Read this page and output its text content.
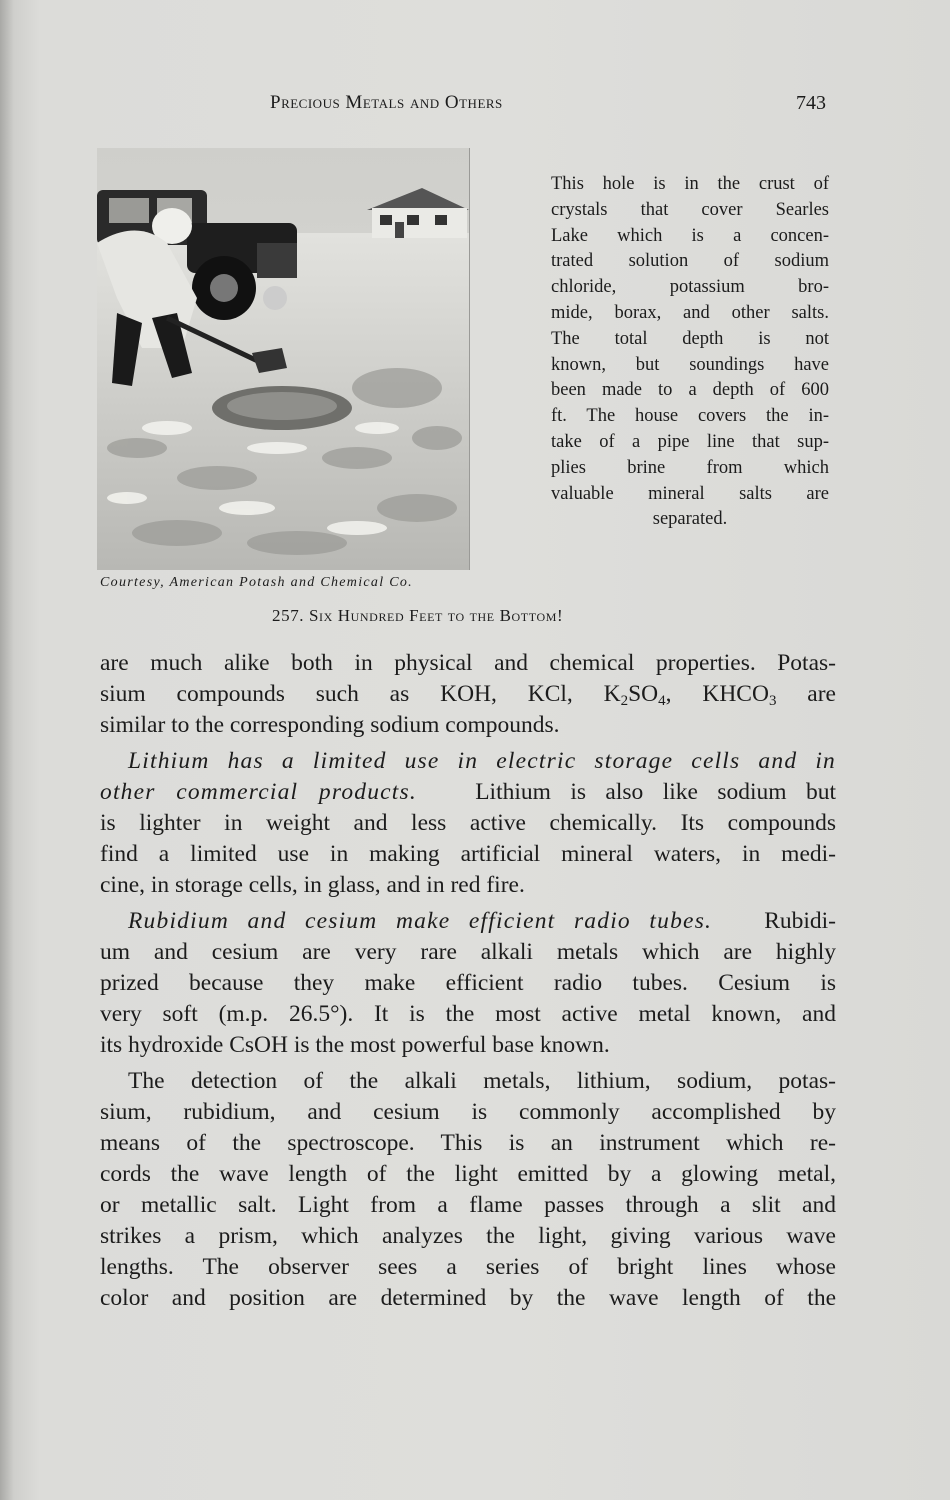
Precious Metals and Others	743
Courtesy, American Potash and Chemical Co.
This hole is in the crust of
crystals that cover Searles
Lake which is a concen-
trated solution of sodium
chloride, potassium bro-
mide, borax, and other salts.
The total depth is not
known, but soundings have
been made to a depth of 600
ft. The house covers the in-
take of a pipe line that sup-
plies brine from which
valuable mineral salts are
separated.
257. Six Hundred Feet to the Bottom!
are much alike both in physical and chemical properties. Potas-
sium compounds such as KOH, KCl, $K_2SO_4$, $KHCO_3$ are
similar to the corresponding sodium compounds.
Lithium has a limited use in electric storage cells and in
other commercial products. Lithium is also like sodium but
is lighter in weight and less active chemically. Its compounds
find a limited use in making artificial mineral waters, in medi-
cine, in storage cells, in glass, and in red fire.
Rubidium and cesium make efficient radio tubes. Rubidi-
um and cesium are very rare alkali metals which are highly
prized because they make efficient radio tubes. Cesium is
very soft (m.p. 26.5°). It is the most active metal known, and
its hydroxide CsOH is the most powerful base known.
The detection of the alkali metals, lithium, sodium, potas-
sium, rubidium, and cesium is commonly accomplished by
means of the spectroscope. This is an instrument which re-
cords the wave length of the light emitted by a glowing metal,
or metallic salt. Light from a flame passes through a slit and
strikes a prism, which analyzes the light, giving various wave
lengths. The observer sees a series of bright lines whose
color and position are determined by the wave length of the
